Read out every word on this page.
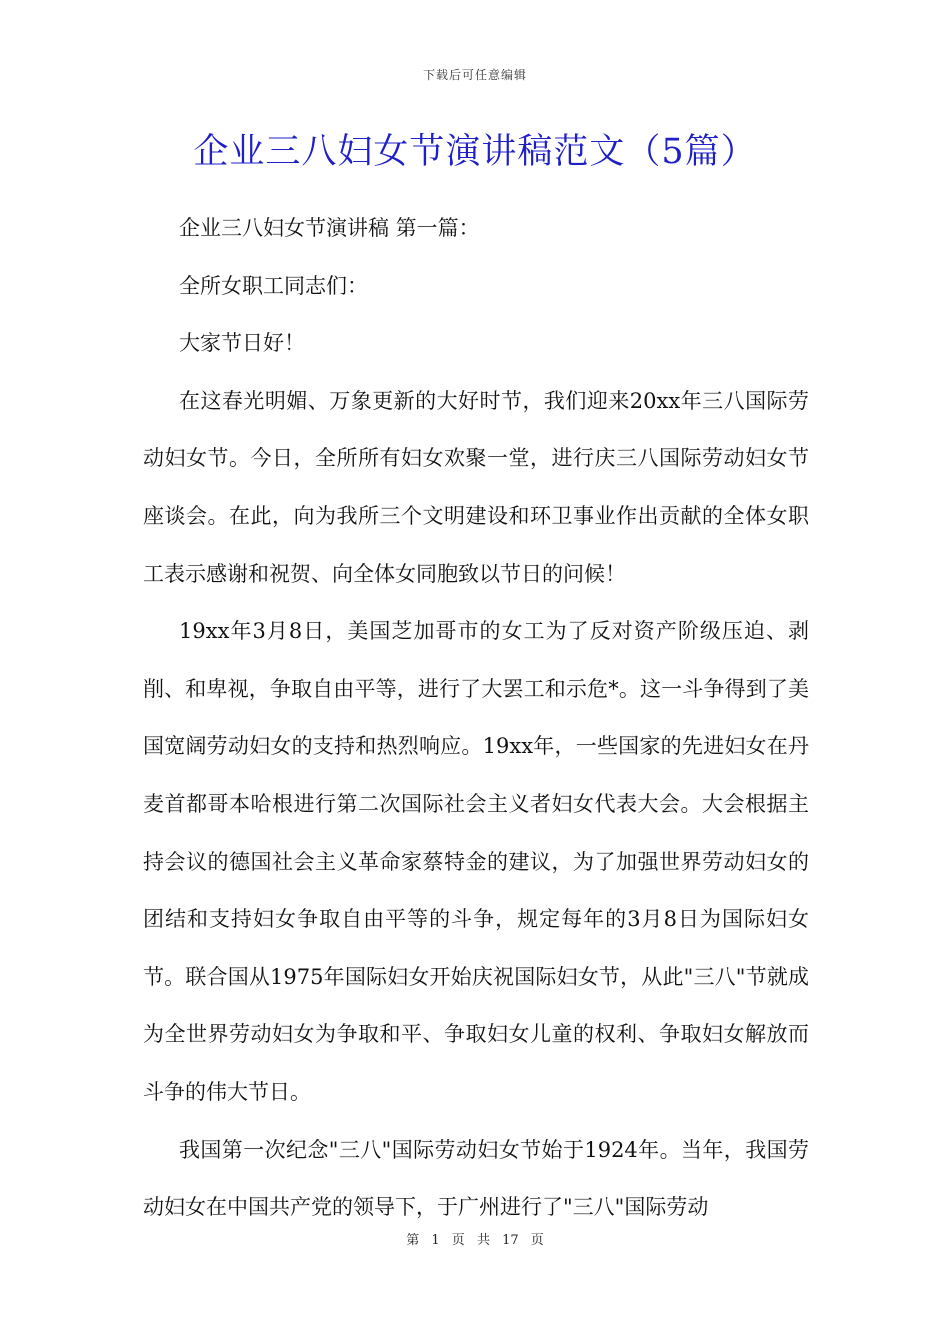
下载后可任意编辑
企业三八妇女节演讲稿范文（5篇）

企业三八妇女节演讲稿 第一篇：

全所女职工同志们：

大家节日好！

在这春光明媚、万象更新的大好时节，我们迎来20xx年三八国际劳动妇女节。今日，全所所有妇女欢聚一堂，进行庆三八国际劳动妇女节座谈会。在此，向为我所三个文明建设和环卫事业作出贡献的全体女职工表示感谢和祝贺、向全体女同胞致以节日的问候！

19xx年3月8日，美国芝加哥市的女工为了反对资产阶级压迫、剥削、和卑视，争取自由平等，进行了大罢工和示危*。这一斗争得到了美国宽阔劳动妇女的支持和热烈响应。19xx年，一些国家的先进妇女在丹麦首都哥本哈根进行第二次国际社会主义者妇女代表大会。大会根据主持会议的德国社会主义革命家蔡特金的建议，为了加强世界劳动妇女的团结和支持妇女争取自由平等的斗争，规定每年的3月8日为国际妇女节。联合国从1975年国际妇女开始庆祝国际妇女节，从此"三八"节就成为全世界劳动妇女为争取和平、争取妇女儿童的权利、争取妇女解放而斗争的伟大节日。

我国第一次纪念"三八"国际劳动妇女节始于1924年。当年，我国劳动妇女在中国共产党的领导下，于广州进行了"三八"国际劳动

第 1 页 共 17 页
